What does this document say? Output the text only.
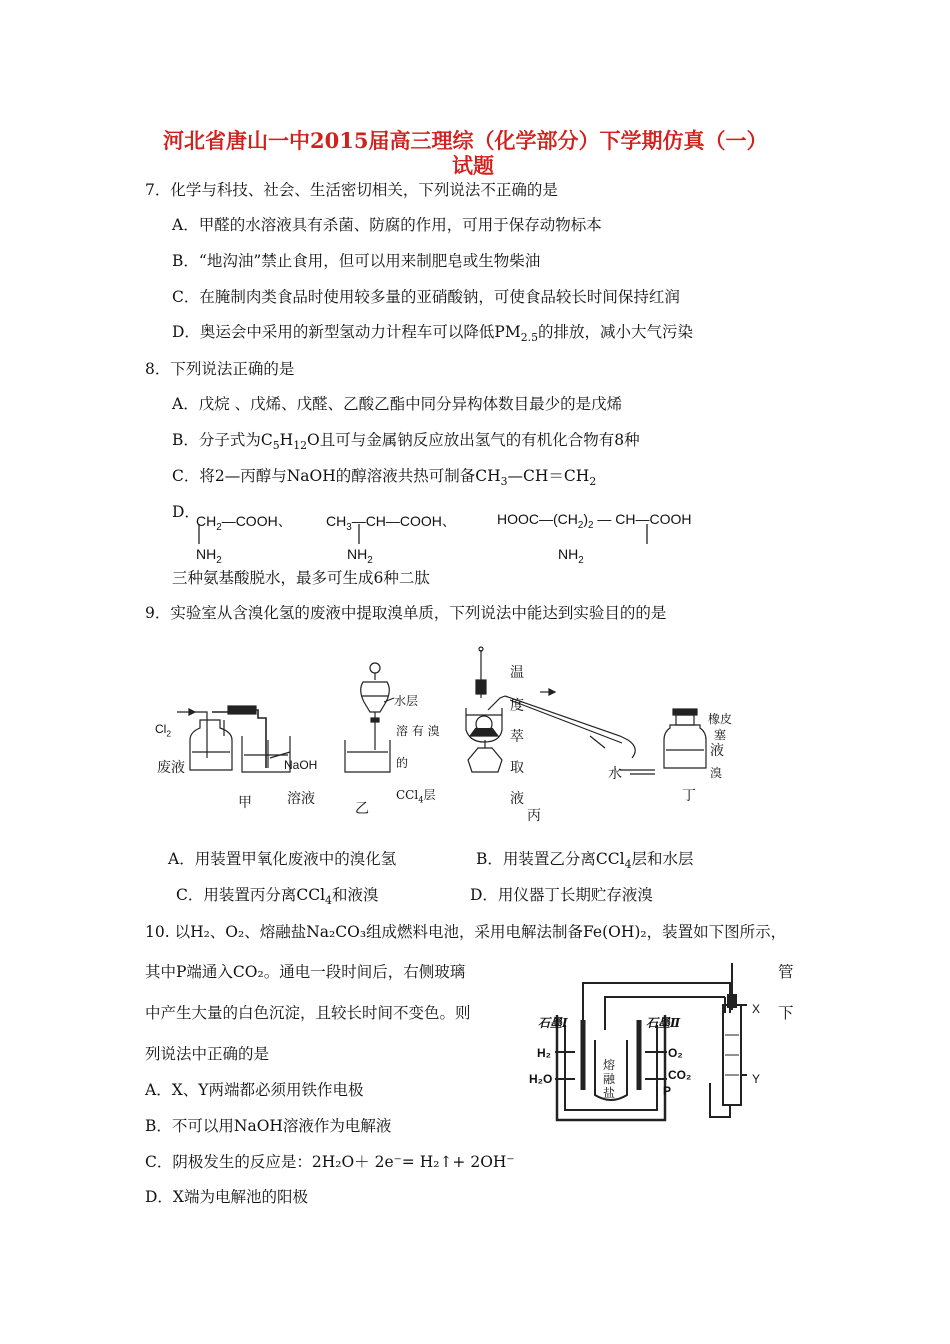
河北省唐山一中2015届高三理综（化学部分）下学期仿真（一）
试题
7．化学与科技、社会、生活密切相关，下列说法不正确的是
A．甲醛的水溶液具有杀菌、防腐的作用，可用于保存动物标本
B．“地沟油”禁止食用，但可以用来制肥皂或生物柴油
C．在腌制肉类食品时使用较多量的亚硝酸钠，可使食品较长时间保持红润
D．奥运会中采用的新型氢动力计程车可以降低$PM_{2.5}$的排放，减小大气污染
8．下列说法正确的是
A．戊烷 、戊烯、戊醛、乙酸乙酯中同分异构体数目最少的是戊烯
B．分子式为$C_5H_{12}O$且可与金属钠反应放出氢气的有机化合物有8种
C．将2—丙醇与NaOH的醇溶液共热可制备$CH_3—CH=CH_2$
D．
$CH_2—COOH$、 $CH_3—CH—COOH$、	$HOOC—(CH_2)_2$ — CH—COOH
$NH_2$	$NH_2$	$NH_2$
三种氨基酸脱水，最多可生成6种二肽
9．实验室从含溴化氢的废液中提取溴单质，下列说法中能达到实验目的的是
$Cl_2$
废液	NaOH
溶液
甲
水层
溶 有 溴
的
CCl$_4$层
乙
温
度
萃
取
液
丙
水
橡皮
塞
液
溴
丁
A．用装置甲氧化废液中的溴化氢	B．用装置乙分离CCl$_4$层和水层
C．用装置丙分离CCl$_4$和液溴	D．用仪器丁长期贮存液溴
10. 以H₂、O₂、熔融盐Na₂CO₃组成燃料电池，采用电解法制备Fe(OH)₂，装置如下图所示，
其中P端通入CO₂。通电一段时间后，右侧玻璃	管
中产生大量的白色沉淀，且较长时间不变色。则	下
列说法中正确的是
A．X、Y两端都必须用铁作电极
B．不可以用NaOH溶液作为电解液
C．阴极发生的反应是：2H₂O＋ 2e⁻= H₂↑+ 2OH⁻
D．X端为电解池的阳极
石墨Ⅰ	石墨Ⅱ
H₂
H₂O
O₂
CO₂
P
X
Y
熔
融
盐
